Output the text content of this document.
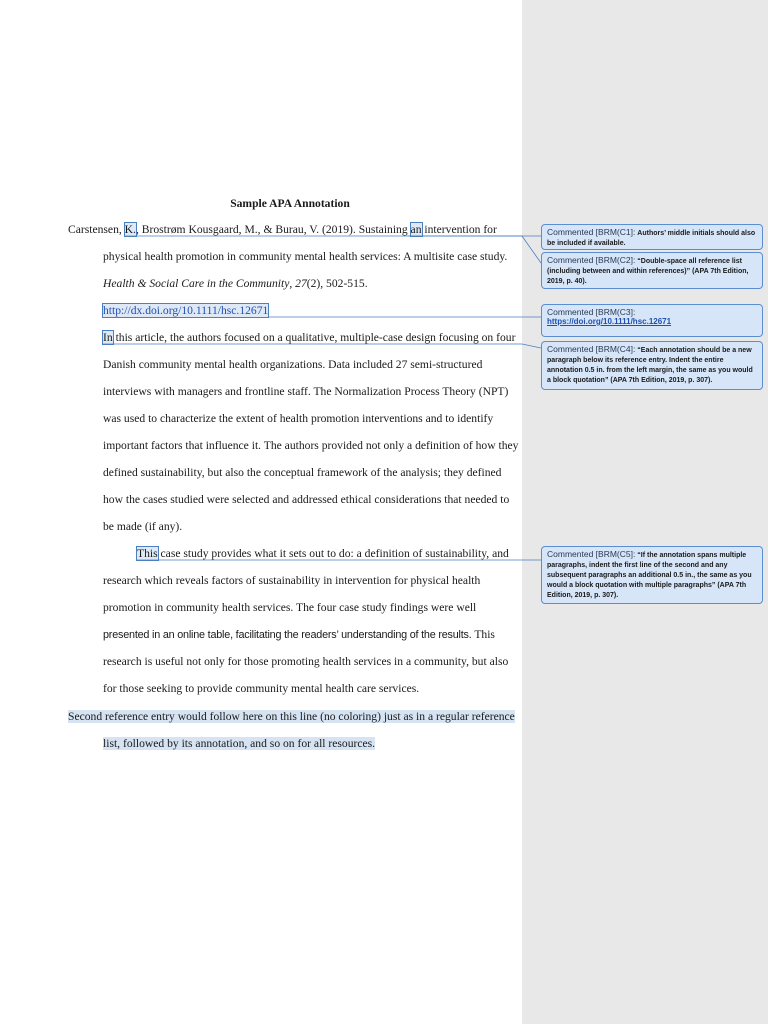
Sample APA Annotation
Carstensen, K., Brostrøm Kousgaard, M., & Burau, V. (2019). Sustaining an intervention for
physical health promotion in community mental health services: A multisite case study.
Health & Social Care in the Community, 27(2), 502-515.
http://dx.doi.org/10.1111/hsc.12671
In this article, the authors focused on a qualitative, multiple-case design focusing on four
Danish community mental health organizations. Data included 27 semi-structured
interviews with managers and frontline staff. The Normalization Process Theory (NPT)
was used to characterize the extent of health promotion interventions and to identify
important factors that influence it. The authors provided not only a definition of how they
defined sustainability, but also the conceptual framework of the analysis; they defined
how the cases studied were selected and addressed ethical considerations that needed to
be made (if any).
This case study provides what it sets out to do: a definition of sustainability, and
research which reveals factors of sustainability in intervention for physical health
promotion in community health services. The four case study findings were well
presented in an online table, facilitating the readers’ understanding of the results. This
research is useful not only for those promoting health services in a community, but also
for those seeking to provide community mental health care services.
Second reference entry would follow here on this line (no coloring) just as in a regular reference
list, followed by its annotation, and so on for all resources.
Commented [BRM(C1]: Authors’ middle initials should also be included if available.
Commented [BRM(C2]: “Double-space all reference list (including between and within references)” (APA 7th Edition, 2019, p. 40).
Commented [BRM(C3]:
https://doi.org/10.1111/hsc.12671
Commented [BRM(C4]: “Each annotation should be a new paragraph below its reference entry. Indent the entire annotation 0.5 in. from the left margin, the same as you would a block quotation” (APA 7th Edition, 2019, p. 307).
Commented [BRM(C5]: “If the annotation spans multiple paragraphs, indent the first line of the second and any subsequent paragraphs an additional 0.5 in., the same as you would a block quotation with multiple paragraphs” (APA 7th Edition, 2019, p. 307).
